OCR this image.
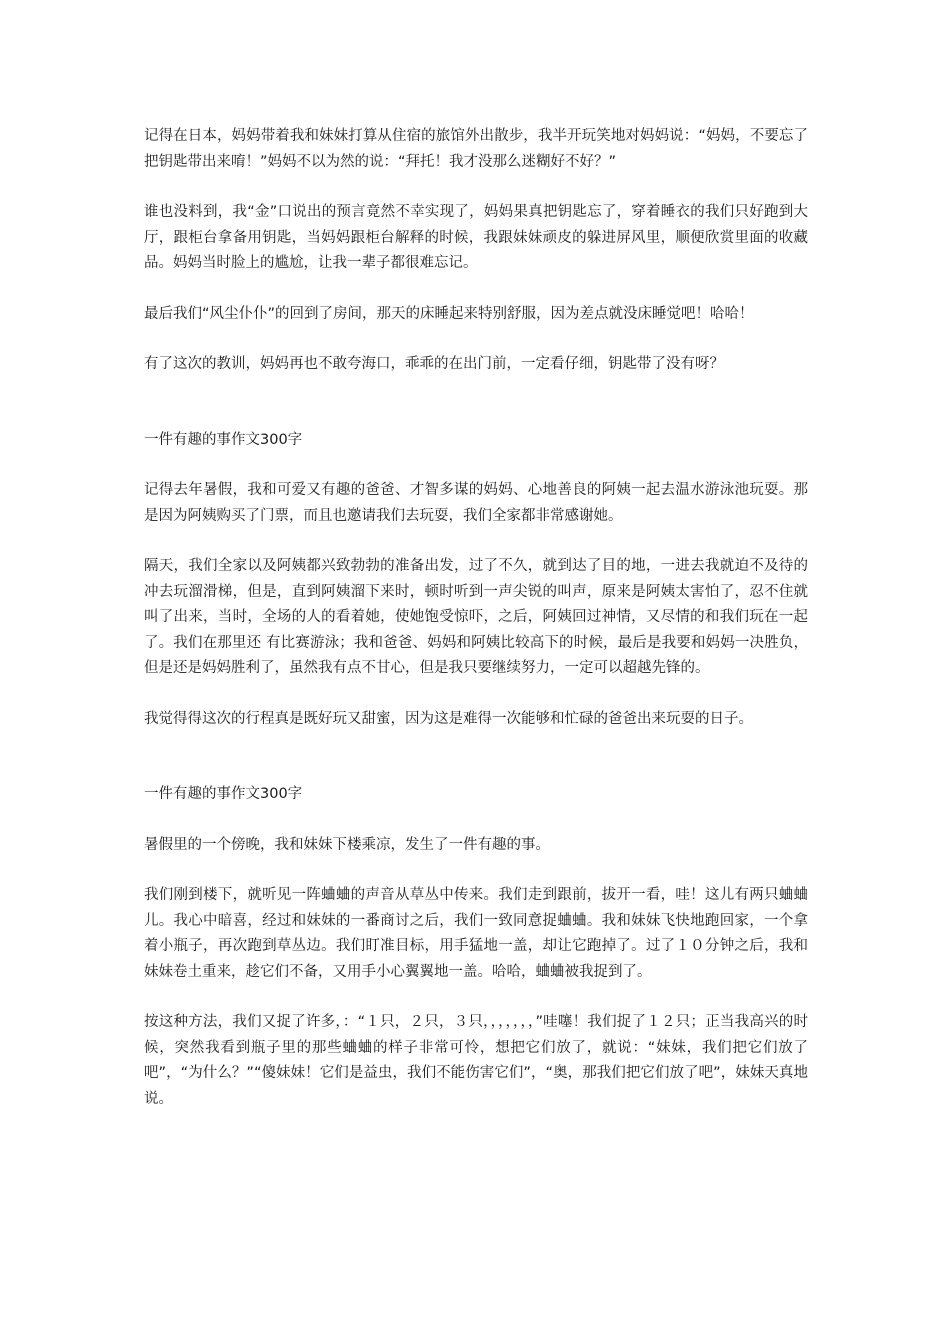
记得在日本，妈妈带着我和妹妹打算从住宿的旅馆外出散步，我半开玩笑地对妈妈说：“妈妈，不要忘了把钥匙带出来唷！”妈妈不以为然的说：“拜托！我才没那么迷糊好不好？”

谁也没料到，我“金”口说出的预言竟然不幸实现了，妈妈果真把钥匙忘了，穿着睡衣的我们只好跑到大厅，跟柜台拿备用钥匙，当妈妈跟柜台解释的时候，我跟妹妹顽皮的躲进屏风里，顺便欣赏里面的收藏品。妈妈当时脸上的尴尬，让我一辈子都很难忘记。

最后我们“风尘仆仆”的回到了房间，那天的床睡起来特别舒服，因为差点就没床睡觉吧！哈哈！

有了这次的教训，妈妈再也不敢夸海口，乖乖的在出门前，一定看仔细，钥匙带了没有呀？

一件有趣的事作文300字

记得去年暑假，我和可爱又有趣的爸爸、才智多谋的妈妈、心地善良的阿姨一起去温水游泳池玩耍。那是因为阿姨购买了门票，而且也邀请我们去玩耍，我们全家都非常感谢她。

隔天，我们全家以及阿姨都兴致勃勃的准备出发，过了不久，就到达了目的地，一进去我就迫不及待的冲去玩溜滑梯，但是，直到阿姨溜下来时，顿时听到一声尖锐的叫声，原来是阿姨太害怕了，忍不住就叫了出来，当时，全场的人的看着她，使她饱受惊吓，之后，阿姨回过神情，又尽情的和我们玩在一起了。我们在那里还 有比赛游泳；我和爸爸、妈妈和阿姨比较高下的时候，最后是我要和妈妈一决胜负，但是还是妈妈胜利了，虽然我有点不甘心，但是我只要继续努力，一定可以超越先锋的。

我觉得得这次的行程真是既好玩又甜蜜，因为这是难得一次能够和忙碌的爸爸出来玩耍的日子。

一件有趣的事作文300字

暑假里的一个傍晚，我和妹妹下楼乘凉，发生了一件有趣的事。

我们刚到楼下，就听见一阵蛐蛐的声音从草丛中传来。我们走到跟前，拔开一看，哇！这儿有两只蛐蛐儿。我心中暗喜，经过和妹妹的一番商讨之后，我们一致同意捉蛐蛐。我和妹妹飞快地跑回家，一个拿着小瓶子，再次跑到草丛边。我们盯准目标，用手猛地一盖，却让它跑掉了。过了１０分钟之后，我和妹妹卷土重来，趁它们不备，又用手小心翼翼地一盖。哈哈，蛐蛐被我捉到了。

按这种方法，我们又捉了许多，：“１只，２只，３只，，，，，，，”哇噻！我们捉了１２只；正当我高兴的时候，突然我看到瓶子里的那些蛐蛐的样子非常可怜，想把它们放了，就说：“妹妹，我们把它们放了吧”，“为什么？”“傻妹妹！它们是益虫，我们不能伤害它们”，“奥，那我们把它们放了吧”，妹妹天真地说。
